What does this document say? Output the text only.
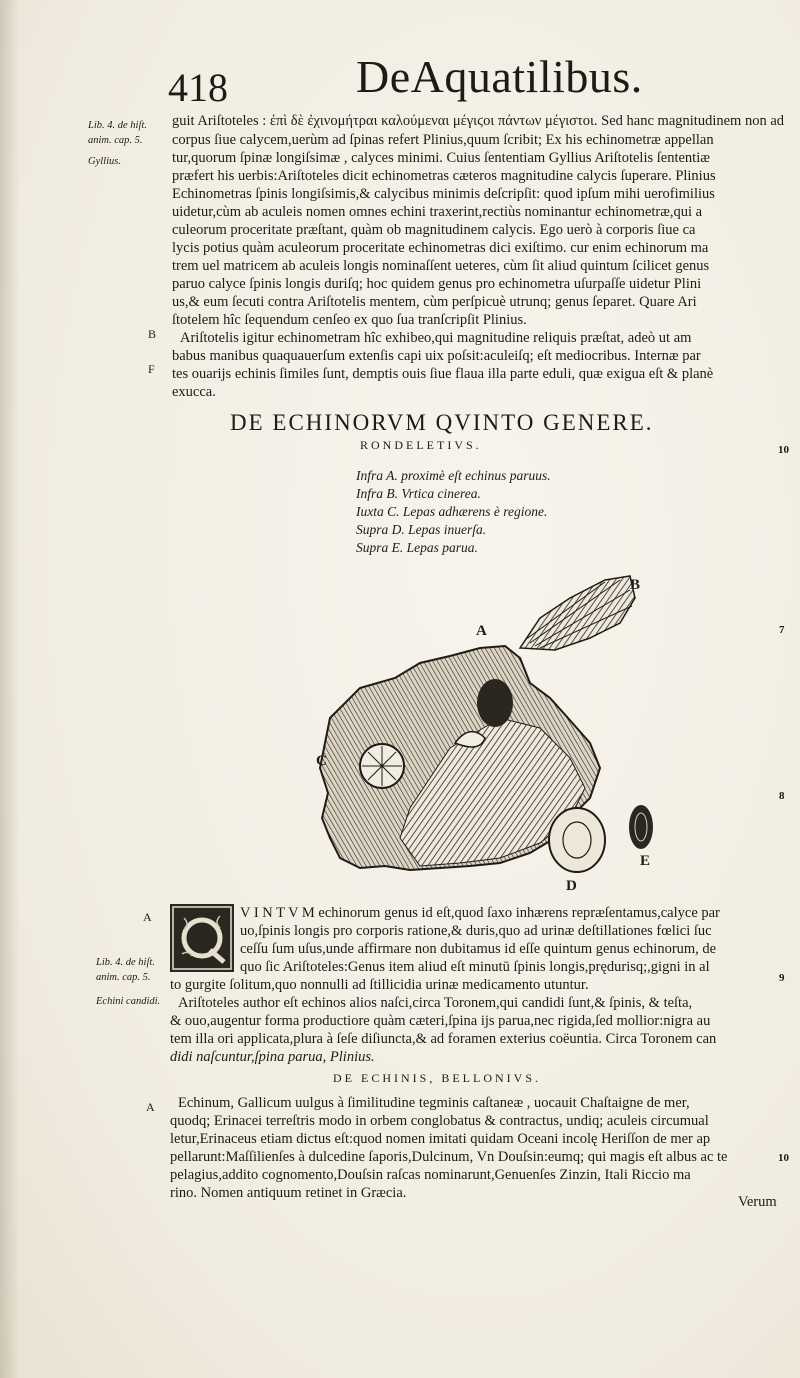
418	DeAquatilibus.
Lib. 4. de hiſt.
anim. cap. 5.
Gyllius.
B
F
A
Lib. 4. de hiſt.
anim. cap. 5.
Echini candidi.
A
guit Ariſtoteles : ἐπὶ δὲ ἐχινομήτραι καλούμεναι μέγιϛοι πάντων μέγιστοι. Sed hanc magnitudinem non ad
corpus ſiue calycem,uerùm ad ſpinas refert Plinius,quum ſcribit; Ex his echinometræ appellan
tur,quorum ſpinæ longiſsimæ , calyces minimi. Cuius ſententiam Gyllius Ariſtotelis ſententiæ
præfert his uerbis:Ariſtoteles dicit echinometras cæteros magnitudine calycis ſuperare. Plinius
Echinometras ſpinis longiſsimis,& calycibus minimis deſcripſit: quod ipſum mihi uerofimilius
uidetur,cùm ab aculeis nomen omnes echini traxerint,rectiùs nominantur echinometræ,qui a
culeorum proceritate præſtant, quàm ob magnitudinem calycis. Ego uerò à corporis ſiue ca
lycis potius quàm aculeorum proceritate echinometras dici exiſtimo. cur enim echinorum ma
trem uel matricem ab aculeis longis nominaſſent ueteres, cùm ſit aliud quintum ſcilicet genus
paruo calyce ſpinis longis duriſq; hoc quidem genus pro echinometra uſurpaſſe uidetur Plini
us,& eum ſecuti contra Ariſtotelis mentem, cùm perſpicuè utrunq; genus ſeparet. Quare Ari
ſtotelem hîc ſequendum cenſeo ex quo ſua tranſcripſit Plinius.
Ariſtotelis igitur echinometram hîc exhibeo,qui magnitudine reliquis præſtat, adeò ut am
babus manibus quaquauerſum extenſis capi uix poſsit:aculeiſq; eſt mediocribus. Internæ par
tes ouarijs echinis ſimiles ſunt, demptis ouis ſiue flaua illa parte eduli, quæ exigua eſt & planè
exucca.
DE ECHINORVM QVINTO GENERE.
RONDELETIVS.
Infra A. proximè eſt echinus paruus.
Infra B. Vrtica cinerea.
Iuxta C. Lepas adhærens è regione.
Supra D. Lepas inuerſa.
Supra E. Lepas parua.
A
B
C
D
E
V I N T V M echinorum genus id eſt,quod ſaxo inhærens repræſentamus,calyce par
uo,ſpinis longis pro corporis ratione,& duris,quo ad urinæ deſtillationes fœlici ſuc
ceſſu ſum uſus,unde affirmare non dubitamus id eſſe quintum genus echinorum, de
quo ſic Ariſtoteles:Genus item aliud eſt minutū ſpinis longis,prędurisq;,gigni in al
to gurgite ſolitum,quo nonnulli ad ſtillicidia urinæ medicamento utuntur.
Ariſtoteles author eſt echinos alios naſci,circa Toronem,qui candidi ſunt,& ſpinis, & teſta,
& ouo,augentur forma productiore quàm cæteri,ſpina ijs parua,nec rigida,ſed mollior:nigra au
tem illa ori applicata,plura à ſeſe diſiuncta,& ad foramen exterius coëuntia. Circa Toronem can
didi naſcuntur,ſpina parua, Plinius.
DE ECHINIS, BELLONIVS.
Echinum, Gallicum uulgus à ſimilitudine tegminis caſtaneæ , uocauit Chaſtaigne de mer,
quodq; Erinacei terreſtris modo in orbem conglobatus & contractus, undiq; aculeis circumual
letur,Erinaceus etiam dictus eſt:quod nomen imitati quidam Oceani incolę Heriſſon de mer ap
pellarunt:Maſſilienſes à dulcedine ſaporis,Dulcinum, Vn Douſsin:eumq; qui magis eſt albus ac te
pelagius,addito cognomento,Douſsin raſcas nominarunt,Genuenſes Zinzin, Itali Riccio ma
rino. Nomen antiquum retinet in Græcia.
Verum
10
7
8
9
10
